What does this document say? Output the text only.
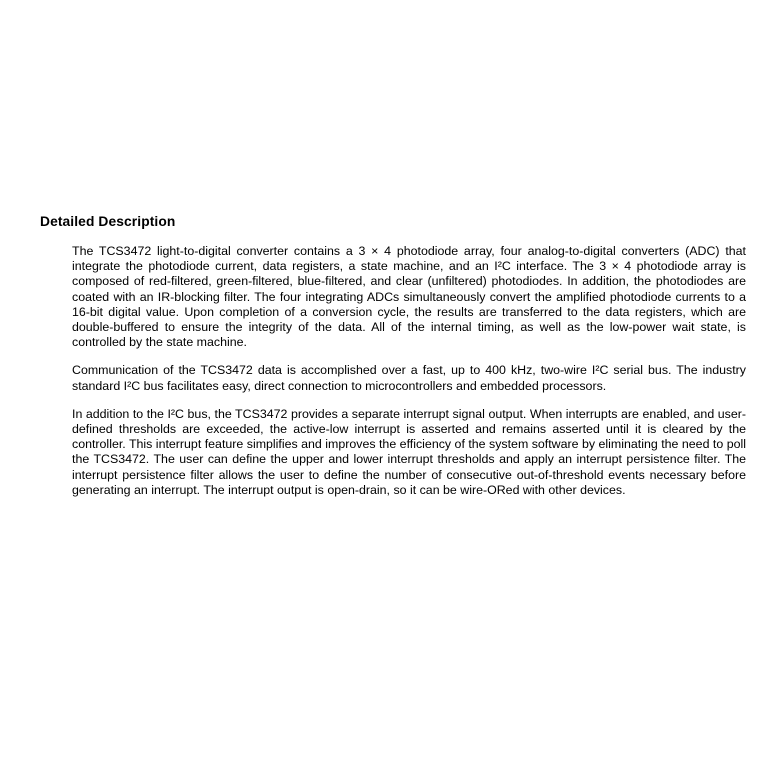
Detailed Description

The TCS3472 light-to-digital converter contains a 3 × 4 photodiode array, four analog-to-digital converters (ADC) that integrate the photodiode current, data registers, a state machine, and an I²C interface. The 3 × 4 photodiode array is composed of red-filtered, green-filtered, blue-filtered, and clear (unfiltered) photodiodes. In addition, the photodiodes are coated with an IR-blocking filter. The four integrating ADCs simultaneously convert the amplified photodiode currents to a 16-bit digital value. Upon completion of a conversion cycle, the results are transferred to the data registers, which are double-buffered to ensure the integrity of the data. All of the internal timing, as well as the low-power wait state, is controlled by the state machine.

Communication of the TCS3472 data is accomplished over a fast, up to 400 kHz, two-wire I²C serial bus. The industry standard I²C bus facilitates easy, direct connection to microcontrollers and embedded processors.

In addition to the I²C bus, the TCS3472 provides a separate interrupt signal output. When interrupts are enabled, and user-defined thresholds are exceeded, the active-low interrupt is asserted and remains asserted until it is cleared by the controller. This interrupt feature simplifies and improves the efficiency of the system software by eliminating the need to poll the TCS3472. The user can define the upper and lower interrupt thresholds and apply an interrupt persistence filter. The interrupt persistence filter allows the user to define the number of consecutive out-of-threshold events necessary before generating an interrupt. The interrupt output is open-drain, so it can be wire-ORed with other devices.
